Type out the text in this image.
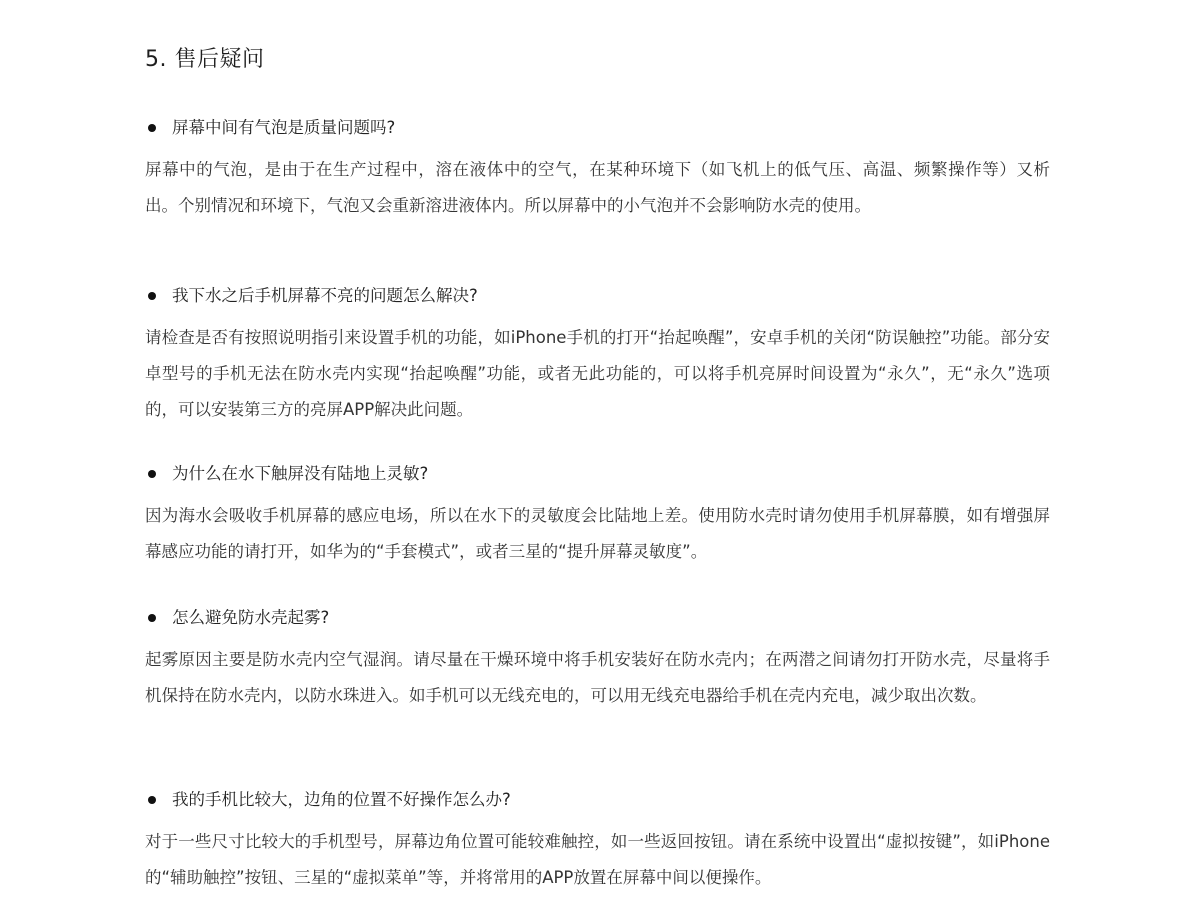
5. 售后疑问
屏幕中间有气泡是质量问题吗?

屏幕中的气泡，是由于在生产过程中，溶在液体中的空气，在某种环境下（如飞机上的低气压、高温、频繁操作等）又析出。个别情况和环境下，气泡又会重新溶进液体内。所以屏幕中的小气泡并不会影响防水壳的使用。

我下水之后手机屏幕不亮的问题怎么解决?

请检查是否有按照说明指引来设置手机的功能，如iPhone手机的打开“抬起唤醒”，安卓手机的关闭“防误触控”功能。部分安卓型号的手机无法在防水壳内实现“抬起唤醒”功能，或者无此功能的，可以将手机亮屏时间设置为“永久”，无“永久”选项的，可以安装第三方的亮屏APP解决此问题。

为什么在水下触屏没有陆地上灵敏?

因为海水会吸收手机屏幕的感应电场，所以在水下的灵敏度会比陆地上差。使用防水壳时请勿使用手机屏幕膜，如有增强屏幕感应功能的请打开，如华为的“手套模式”，或者三星的“提升屏幕灵敏度”。

怎么避免防水壳起雾?

起雾原因主要是防水壳内空气湿润。请尽量在干燥环境中将手机安装好在防水壳内；在两潜之间请勿打开防水壳，尽量将手机保持在防水壳内，以防水珠进入。如手机可以无线充电的，可以用无线充电器给手机在壳内充电，减少取出次数。

我的手机比较大，边角的位置不好操作怎么办?

对于一些尺寸比较大的手机型号，屏幕边角位置可能较难触控，如一些返回按钮。请在系统中设置出“虚拟按键”，如iPhone的“辅助触控”按钮、三星的“虚拟菜单”等，并将常用的APP放置在屏幕中间以便操作。
